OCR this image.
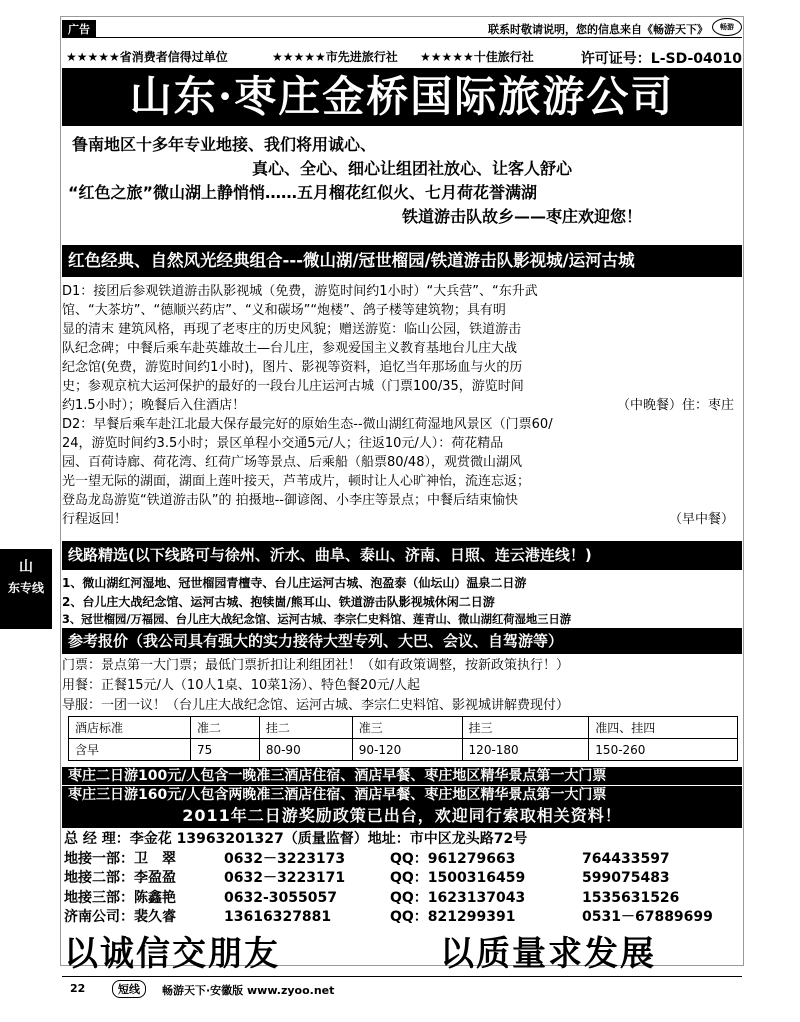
广告	联系时敬请说明，您的信息来自《畅游天下》	畅游
★★★★★省消费者信得过单位	★★★★★市先进旅行社 ★★★★★十佳旅行社	许可证号：L-SD-04010
山东·枣庄金桥国际旅游公司
鲁南地区十多年专业地接、我们将用诚心、
真心、全心、细心让组团社放心、让客人舒心
“红色之旅”微山湖上静悄悄……五月榴花红似火、七月荷花誉满湖
铁道游击队故乡——枣庄欢迎您！
红色经典、自然风光经典组合---微山湖/冠世榴园/铁道游击队影视城/运河古城
D1：接团后参观铁道游击队影视城（免费，游览时间约1小时）“大兵营”、“东升武
馆、“大茶坊”、“德顺兴药店”、“义和碳场”“炮楼”、鸽子楼等建筑物；具有明
显的清末 建筑风格，再现了老枣庄的历史风貌；赠送游览：临山公园，铁道游击
队纪念碑；中餐后乘车赴英雄故土—台儿庄，参观爱国主义教育基地台儿庄大战
纪念馆(免费，游览时间约1小时)，图片、影视等资料，追忆当年那场血与火的历
史；参观京杭大运河保护的最好的一段台儿庄运河古城（门票100/35，游览时间
约1.5小时）；晚餐后入住酒店！	（中晚餐）住：枣庄
D2：早餐后乘车赴江北最大保存最完好的原始生态--微山湖红荷湿地风景区（门票60/
24，游览时间约3.5小时；景区单程小交通5元/人；往返10元/人）：荷花精品
园、百荷诗廊、荷花湾、红荷广场等景点、后乘船（船票80/48），观赏微山湖风
光一望无际的湖面，湖面上莲叶接天，芦苇成片，顿时让人心旷神怡，流连忘返；
登岛龙岛游览“铁道游击队”的 拍摄地--御谚阁、小李庄等景点；中餐后结束愉快
行程返回！	（早中餐）
山
东专线
线路精选(以下线路可与徐州、沂水、曲阜、泰山、济南、日照、连云港连线！)
1、微山湖红河湿地、冠世榴园青檀寺、台儿庄运河古城、泡盈泰（仙坛山）温泉二日游
2、台儿庄大战纪念馆、运河古城、抱犊崮/熊耳山、铁道游击队影视城休闲二日游
3、冠世榴园/万福园、台儿庄大战纪念馆、运河古城、李宗仁史料馆、莲青山、微山湖红荷湿地三日游
参考报价（我公司具有强大的实力接待大型专列、大巴、会议、自驾游等）
门票：景点第一大门票；最低门票折扣让利组团社！（如有政策调整，按新政策执行！）
用餐：正餐15元/人（10人1桌、10菜1汤）、特色餐20元/人起
导服：一团一议！（台儿庄大战纪念馆、运河古城、李宗仁史料馆、影视城讲解费现付）
酒店标准	准二	挂二	准三	挂三	准四、挂四
含早	75	80-90	90-120	120-180	150-260
枣庄二日游100元/人包含一晚准三酒店住宿、酒店早餐、枣庄地区精华景点第一大门票
枣庄三日游160元/人包含两晚准三酒店住宿、酒店早餐、枣庄地区精华景点第一大门票
2011年二日游奖励政策已出台，欢迎同行索取相关资料！
总 经 理：李金花 13963201327（质量监督）地址：市中区龙头路72号
地接一部：卫　翠	0632－3223173	QQ：961279663	764433597
地接二部：李盈盈	0632－3223171	QQ：1500316459	599075483
地接三部：陈鑫艳	0632-3055057	QQ：1623137043	1535631526
济南公司：裴久睿	13616327881	QQ：821299391	0531－67889699
以诚信交朋友	以质量求发展
22	短线	畅游天下·安徽版 www.zyoo.net
